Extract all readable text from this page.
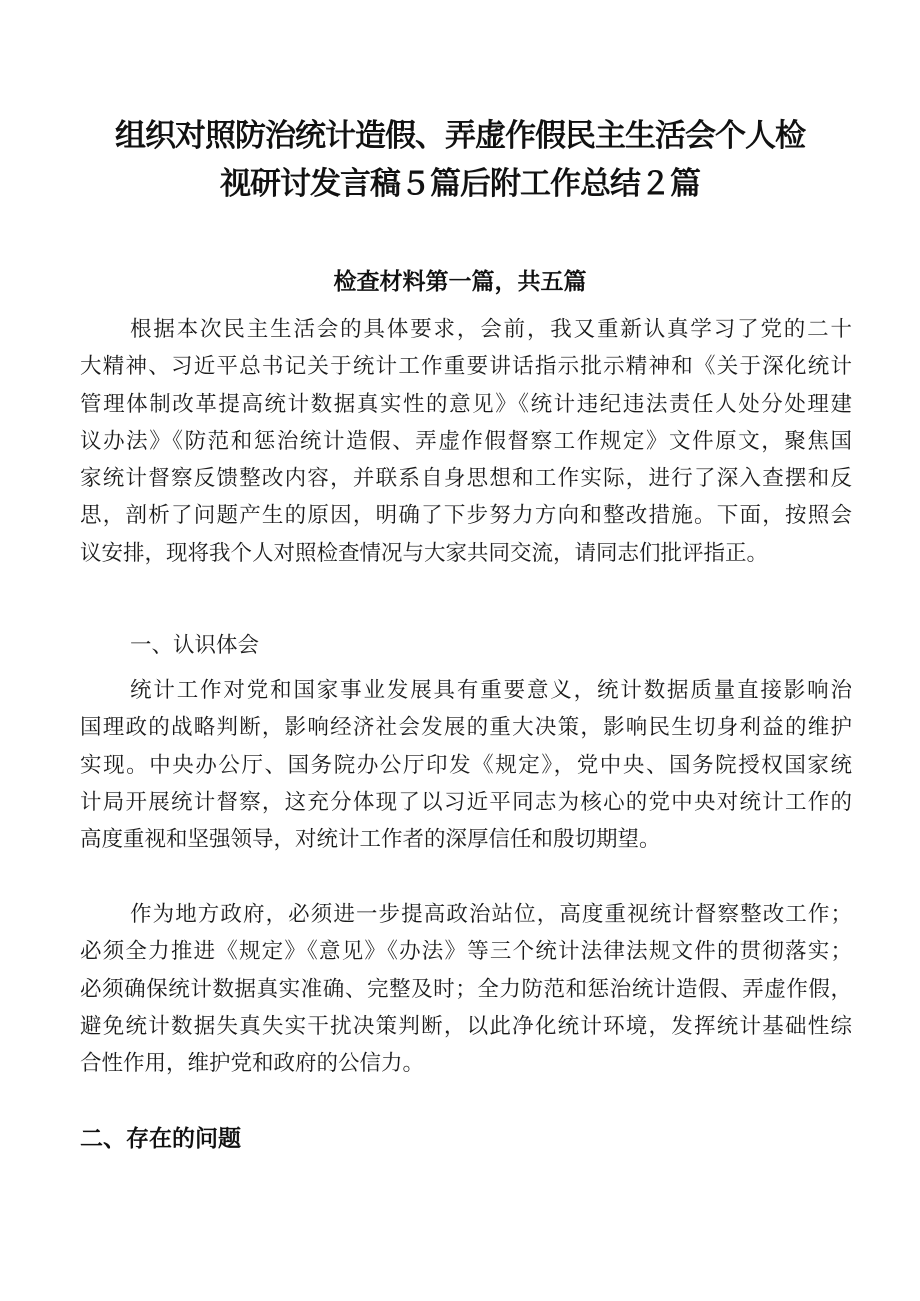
组织对照防治统计造假、弄虚作假民主生活会个人检
视研讨发言稿５篇后附工作总结２篇
检查材料第一篇，共五篇
根据本次民主生活会的具体要求，会前，我又重新认真学习了党的二十
大精神、习近平总书记关于统计工作重要讲话指示批示精神和《关于深化统计
管理体制改革提高统计数据真实性的意见》《统计违纪违法责任人处分处理建
议办法》《防范和惩治统计造假、弄虚作假督察工作规定》文件原文，聚焦国
家统计督察反馈整改内容，并联系自身思想和工作实际，进行了深入查摆和反
思，剖析了问题产生的原因，明确了下步努力方向和整改措施。下面，按照会
议安排，现将我个人对照检查情况与大家共同交流，请同志们批评指正。
一、认识体会
统计工作对党和国家事业发展具有重要意义，统计数据质量直接影响治
国理政的战略判断，影响经济社会发展的重大决策，影响民生切身利益的维护
实现。中央办公厅、国务院办公厅印发《规定》，党中央、国务院授权国家统
计局开展统计督察，这充分体现了以习近平同志为核心的党中央对统计工作的
高度重视和坚强领导，对统计工作者的深厚信任和殷切期望。
作为地方政府，必须进一步提高政治站位，高度重视统计督察整改工作；
必须全力推进《规定》《意见》《办法》等三个统计法律法规文件的贯彻落实；
必须确保统计数据真实准确、完整及时；全力防范和惩治统计造假、弄虚作假，
避免统计数据失真失实干扰决策判断，以此净化统计环境，发挥统计基础性综
合性作用，维护党和政府的公信力。
二、存在的问题
